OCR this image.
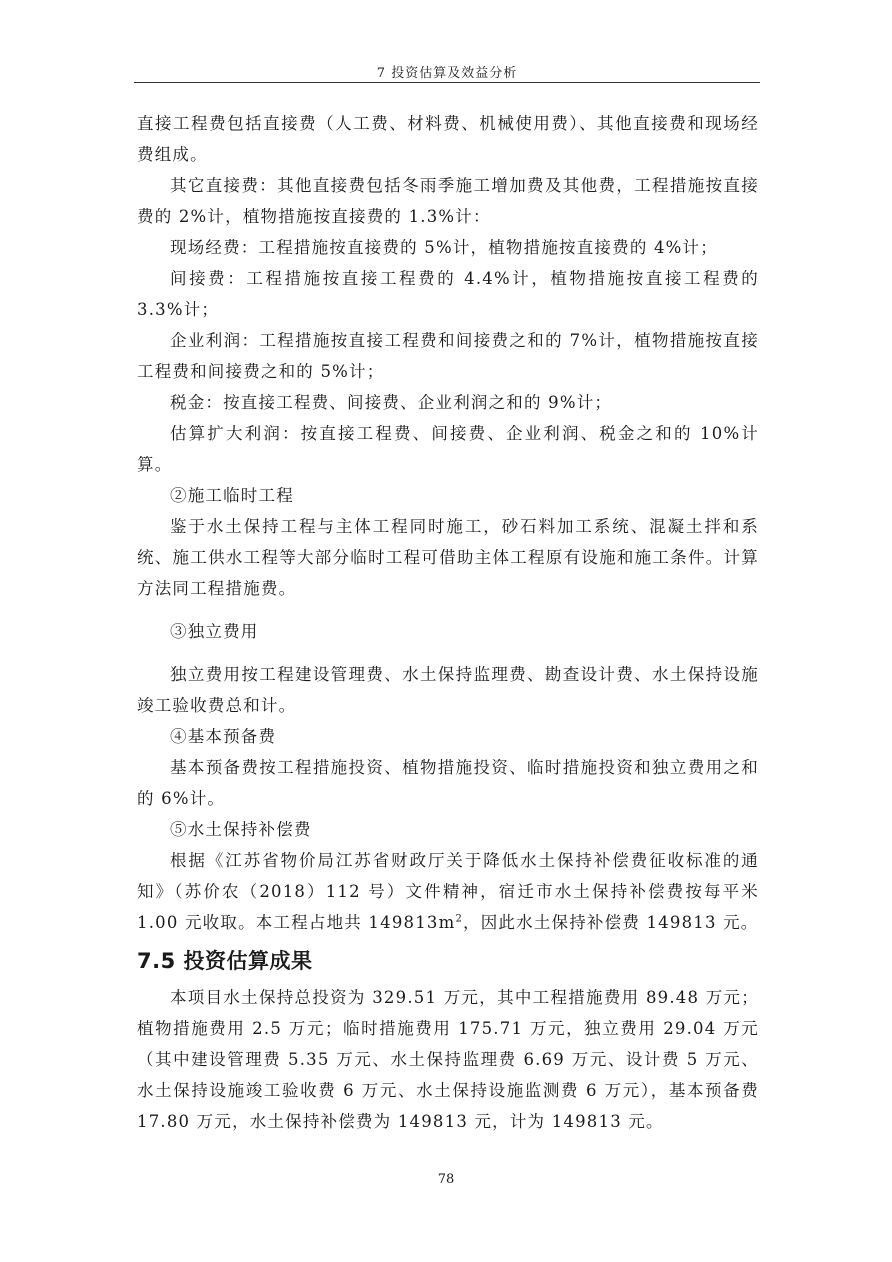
7 投资估算及效益分析

直接工程费包括直接费（人工费、材料费、机械使用费）、其他直接费和现场经费组成。

其它直接费：其他直接费包括冬雨季施工增加费及其他费，工程措施按直接费的 2%计，植物措施按直接费的 1.3%计：

现场经费：工程措施按直接费的 5%计，植物措施按直接费的 4%计；

间接费：工程措施按直接工程费的 4.4%计，植物措施按直接工程费的 3.3%计；

企业利润：工程措施按直接工程费和间接费之和的 7%计，植物措施按直接工程费和间接费之和的 5%计；

税金：按直接工程费、间接费、企业利润之和的 9%计；

估算扩大利润：按直接工程费、间接费、企业利润、税金之和的 10%计算。

②施工临时工程

鉴于水土保持工程与主体工程同时施工，砂石料加工系统、混凝土拌和系统、施工供水工程等大部分临时工程可借助主体工程原有设施和施工条件。计算方法同工程措施费。

③独立费用

独立费用按工程建设管理费、水土保持监理费、勘查设计费、水土保持设施竣工验收费总和计。

④基本预备费

基本预备费按工程措施投资、植物措施投资、临时措施投资和独立费用之和的 6%计。

⑤水土保持补偿费

根据《江苏省物价局江苏省财政厅关于降低水土保持补偿费征收标准的通知》（苏价农（2018）112 号）文件精神，宿迁市水土保持补偿费按每平米 1.00 元收取。本工程占地共 $149813m^2$，因此水土保持补偿费 149813 元。

7.5 投资估算成果

本项目水土保持总投资为 329.51 万元，其中工程措施费用 89.48 万元；植物措施费用 2.5 万元；临时措施费用 175.71 万元，独立费用 29.04 万元（其中建设管理费 5.35 万元、水土保持监理费 6.69 万元、设计费 5 万元、水土保持设施竣工验收费 6 万元、水土保持设施监测费 6 万元），基本预备费 17.80 万元，水土保持补偿费为 149813 元，计为 149813 元。

78
